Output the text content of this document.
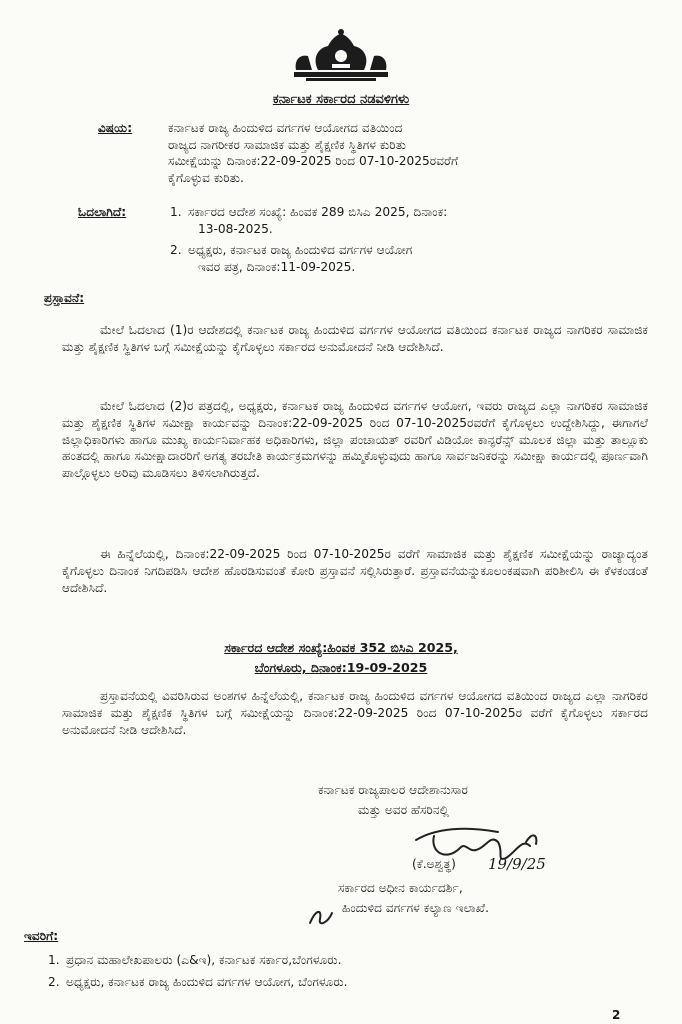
ಕರ್ನಾಟಕ ಸರ್ಕಾರದ ನಡವಳಿಗಳು
ವಿಷಯ:	ಕರ್ನಾಟಕ ರಾಜ್ಯ ಹಿಂದುಳಿದ ವರ್ಗಗಳ ಆಯೋಗದ ವತಿಯಿಂದ
ರಾಜ್ಯದ ನಾಗರೀಕರ ಸಾಮಾಜಿಕ ಮತ್ತು ಶೈಕ್ಷಣಿಕ ಸ್ಥಿತಿಗಳ ಕುರಿತು
ಸಮೀಕ್ಷೆಯನ್ನು ದಿನಾಂಕ:22-09-2025 ರಿಂದ 07-10-2025ರವರೆಗೆ
ಕೈಗೊಳ್ಳುವ ಕುರಿತು.
ಓದಲಾಗಿದೆ:	1. ಸರ್ಕಾರದ ಆದೇಶ ಸಂಖ್ಯೆ: ಹಿಂವಕ 289 ಬಿಸಿಎ 2025, ದಿನಾಂಕ:
13-08-2025.
2. ಅಧ್ಯಕ್ಷರು, ಕರ್ನಾಟಕ ರಾಜ್ಯ ಹಿಂದುಳಿದ ವರ್ಗಗಳ ಆಯೋಗ
ಇವರ ಪತ್ರ, ದಿನಾಂಕ:11-09-2025.
ಪ್ರಸ್ತಾವನೆ:
ಮೇಲೆ ಓದಲಾದ (1)ರ ಆದೇಶದಲ್ಲಿ ಕರ್ನಾಟಕ ರಾಜ್ಯ ಹಿಂದುಳಿದ ವರ್ಗಗಳ ಆಯೋಗದ ವತಿಯಿಂದ ಕರ್ನಾಟಕ ರಾಜ್ಯದ ನಾಗರಿಕರ ಸಾಮಾಜಿಕ ಮತ್ತು ಶೈಕ್ಷಣಿಕ ಸ್ಥಿತಿಗಳ ಬಗ್ಗೆ ಸಮೀಕ್ಷೆಯನ್ನು ಕೈಗೊಳ್ಳಲು ಸರ್ಕಾರದ ಅನುಮೋದನೆ ನೀಡಿ ಆದೇಶಿಸಿದೆ.
ಮೇಲೆ ಓದಲಾದ (2)ರ ಪತ್ರದಲ್ಲಿ, ಅಧ್ಯಕ್ಷರು, ಕರ್ನಾಟಕ ರಾಜ್ಯ ಹಿಂದುಳಿದ ವರ್ಗಗಳ ಆಯೋಗ, ಇವರು ರಾಜ್ಯದ ಎಲ್ಲಾ ನಾಗರಿಕರ ಸಾಮಾಜಿಕ ಮತ್ತು ಶೈಕ್ಷಣಿಕ ಸ್ಥಿತಿಗಳ ಸಮೀಕ್ಷಾ ಕಾರ್ಯವನ್ನು ದಿನಾಂಕ:22-09-2025 ರಿಂದ 07-10-2025ರವರೆಗೆ ಕೈಗೊಳ್ಳಲು ಉದ್ದೇಶಿಸಿದ್ದು, ಈಗಾಗಲೆ ಜಿಲ್ಲಾಧಿಕಾರಿಗಳು ಹಾಗೂ ಮುಖ್ಯ ಕಾರ್ಯನಿರ್ವಾಹಕ ಅಧಿಕಾರಿಗಳು, ಜಿಲ್ಲಾ ಪಂಚಾಯತ್ ರವರಿಗೆ ವಿಡಿಯೋ ಕಾನ್ಫರೆನ್ಸ್ ಮೂಲಕ ಜಿಲ್ಲಾ ಮತ್ತು ತಾಲ್ಲೂಕು ಹಂತದಲ್ಲಿ ಹಾಗೂ ಸಮೀಕ್ಷಾದಾರರಿಗೆ ಅಗತ್ಯ ತರಬೇತಿ ಕಾರ್ಯಕ್ರಮಗಳನ್ನು ಹಮ್ಮಿಕೊಳ್ಳುವುದು ಹಾಗೂ ಸಾರ್ವಜನಿಕರನ್ನು ಸಮೀಕ್ಷಾ ಕಾರ್ಯದಲ್ಲಿ ಪೂರ್ಣವಾಗಿ ಪಾಲ್ಗೊಳ್ಳಲು ಅರಿವು ಮೂಡಿಸಲು ತಿಳಿಸಲಾಗಿರುತ್ತದೆ.
ಈ ಹಿನ್ನೆಲೆಯಲ್ಲಿ, ದಿನಾಂಕ:22-09-2025 ರಿಂದ 07-10-2025ರ ವರೆಗೆ ಸಾಮಾಜಿಕ ಮತ್ತು ಶೈಕ್ಷಣಿಕ ಸಮೀಕ್ಷೆಯನ್ನು ರಾಜ್ಯಾದ್ಯಂತ ಕೈಗೊಳ್ಳಲು ದಿನಾಂಕ ನಿಗದಿಪಡಿಸಿ ಆದೇಶ ಹೊರಡಿಸುವಂತೆ ಕೋರಿ ಪ್ರಸ್ತಾವನೆ ಸಲ್ಲಿಸಿರುತ್ತಾರೆ. ಪ್ರಸ್ತಾವನೆಯನ್ನುಕೂಲಂಕಷವಾಗಿ ಪರಿಶೀಲಿಸಿ ಈ ಕೆಳಕಂಡಂತೆ ಆದೇಶಿಸಿದೆ.
ಸರ್ಕಾರದ ಆದೇಶ ಸಂಖ್ಯೆ:ಹಿಂವಕ 352 ಬಿಸಿಎ 2025,
ಬೆಂಗಳೂರು, ದಿನಾಂಕ:19-09-2025
ಪ್ರಸ್ತಾವನೆಯಲ್ಲಿ ವಿವರಿಸಿರುವ ಅಂಶಗಳ ಹಿನ್ನೆಲೆಯಲ್ಲಿ, ಕರ್ನಾಟಕ ರಾಜ್ಯ ಹಿಂದುಳಿದ ವರ್ಗಗಳ ಆಯೋಗದ ವತಿಯಿಂದ ರಾಜ್ಯದ ಎಲ್ಲಾ ನಾಗರಿಕರ ಸಾಮಾಜಿಕ ಮತ್ತು ಶೈಕ್ಷಣಿಕ ಸ್ಥಿತಿಗಳ ಬಗ್ಗೆ ಸಮೀಕ್ಷೆಯನ್ನು ದಿನಾಂಕ:22-09-2025 ರಿಂದ 07-10-2025ರ ವರೆಗೆ ಕೈಗೊಳ್ಳಲು ಸರ್ಕಾರದ ಅನುಮೋದನೆ ನೀಡಿ ಆದೇಶಿಸಿದೆ.
ಕರ್ನಾಟಕ ರಾಜ್ಯಪಾಲರ ಆದೇಶಾನುಸಾರ
ಮತ್ತು ಅವರ ಹೆಸರಿನಲ್ಲಿ
(ಕೆ.ಅಶ್ವತ್ಥ) 19/9/25
ಸರ್ಕಾರದ ಅಧೀನ ಕಾರ್ಯದರ್ಶಿ,
ಹಿಂದುಳಿದ ವರ್ಗಗಳ ಕಲ್ಯಾಣ ಇಲಾಖೆ.
ಇವರಿಗೆ:
1. ಪ್ರಧಾನ ಮಹಾಲೇಖಪಾಲರು (ಎ&ಇ), ಕರ್ನಾಟಕ ಸರ್ಕಾರ,ಬೆಂಗಳೂರು.
2. ಅಧ್ಯಕ್ಷರು, ಕರ್ನಾಟಕ ರಾಜ್ಯ ಹಿಂದುಳಿದ ವರ್ಗಗಳ ಆಯೋಗ, ಬೆಂಗಳೂರು.
2
